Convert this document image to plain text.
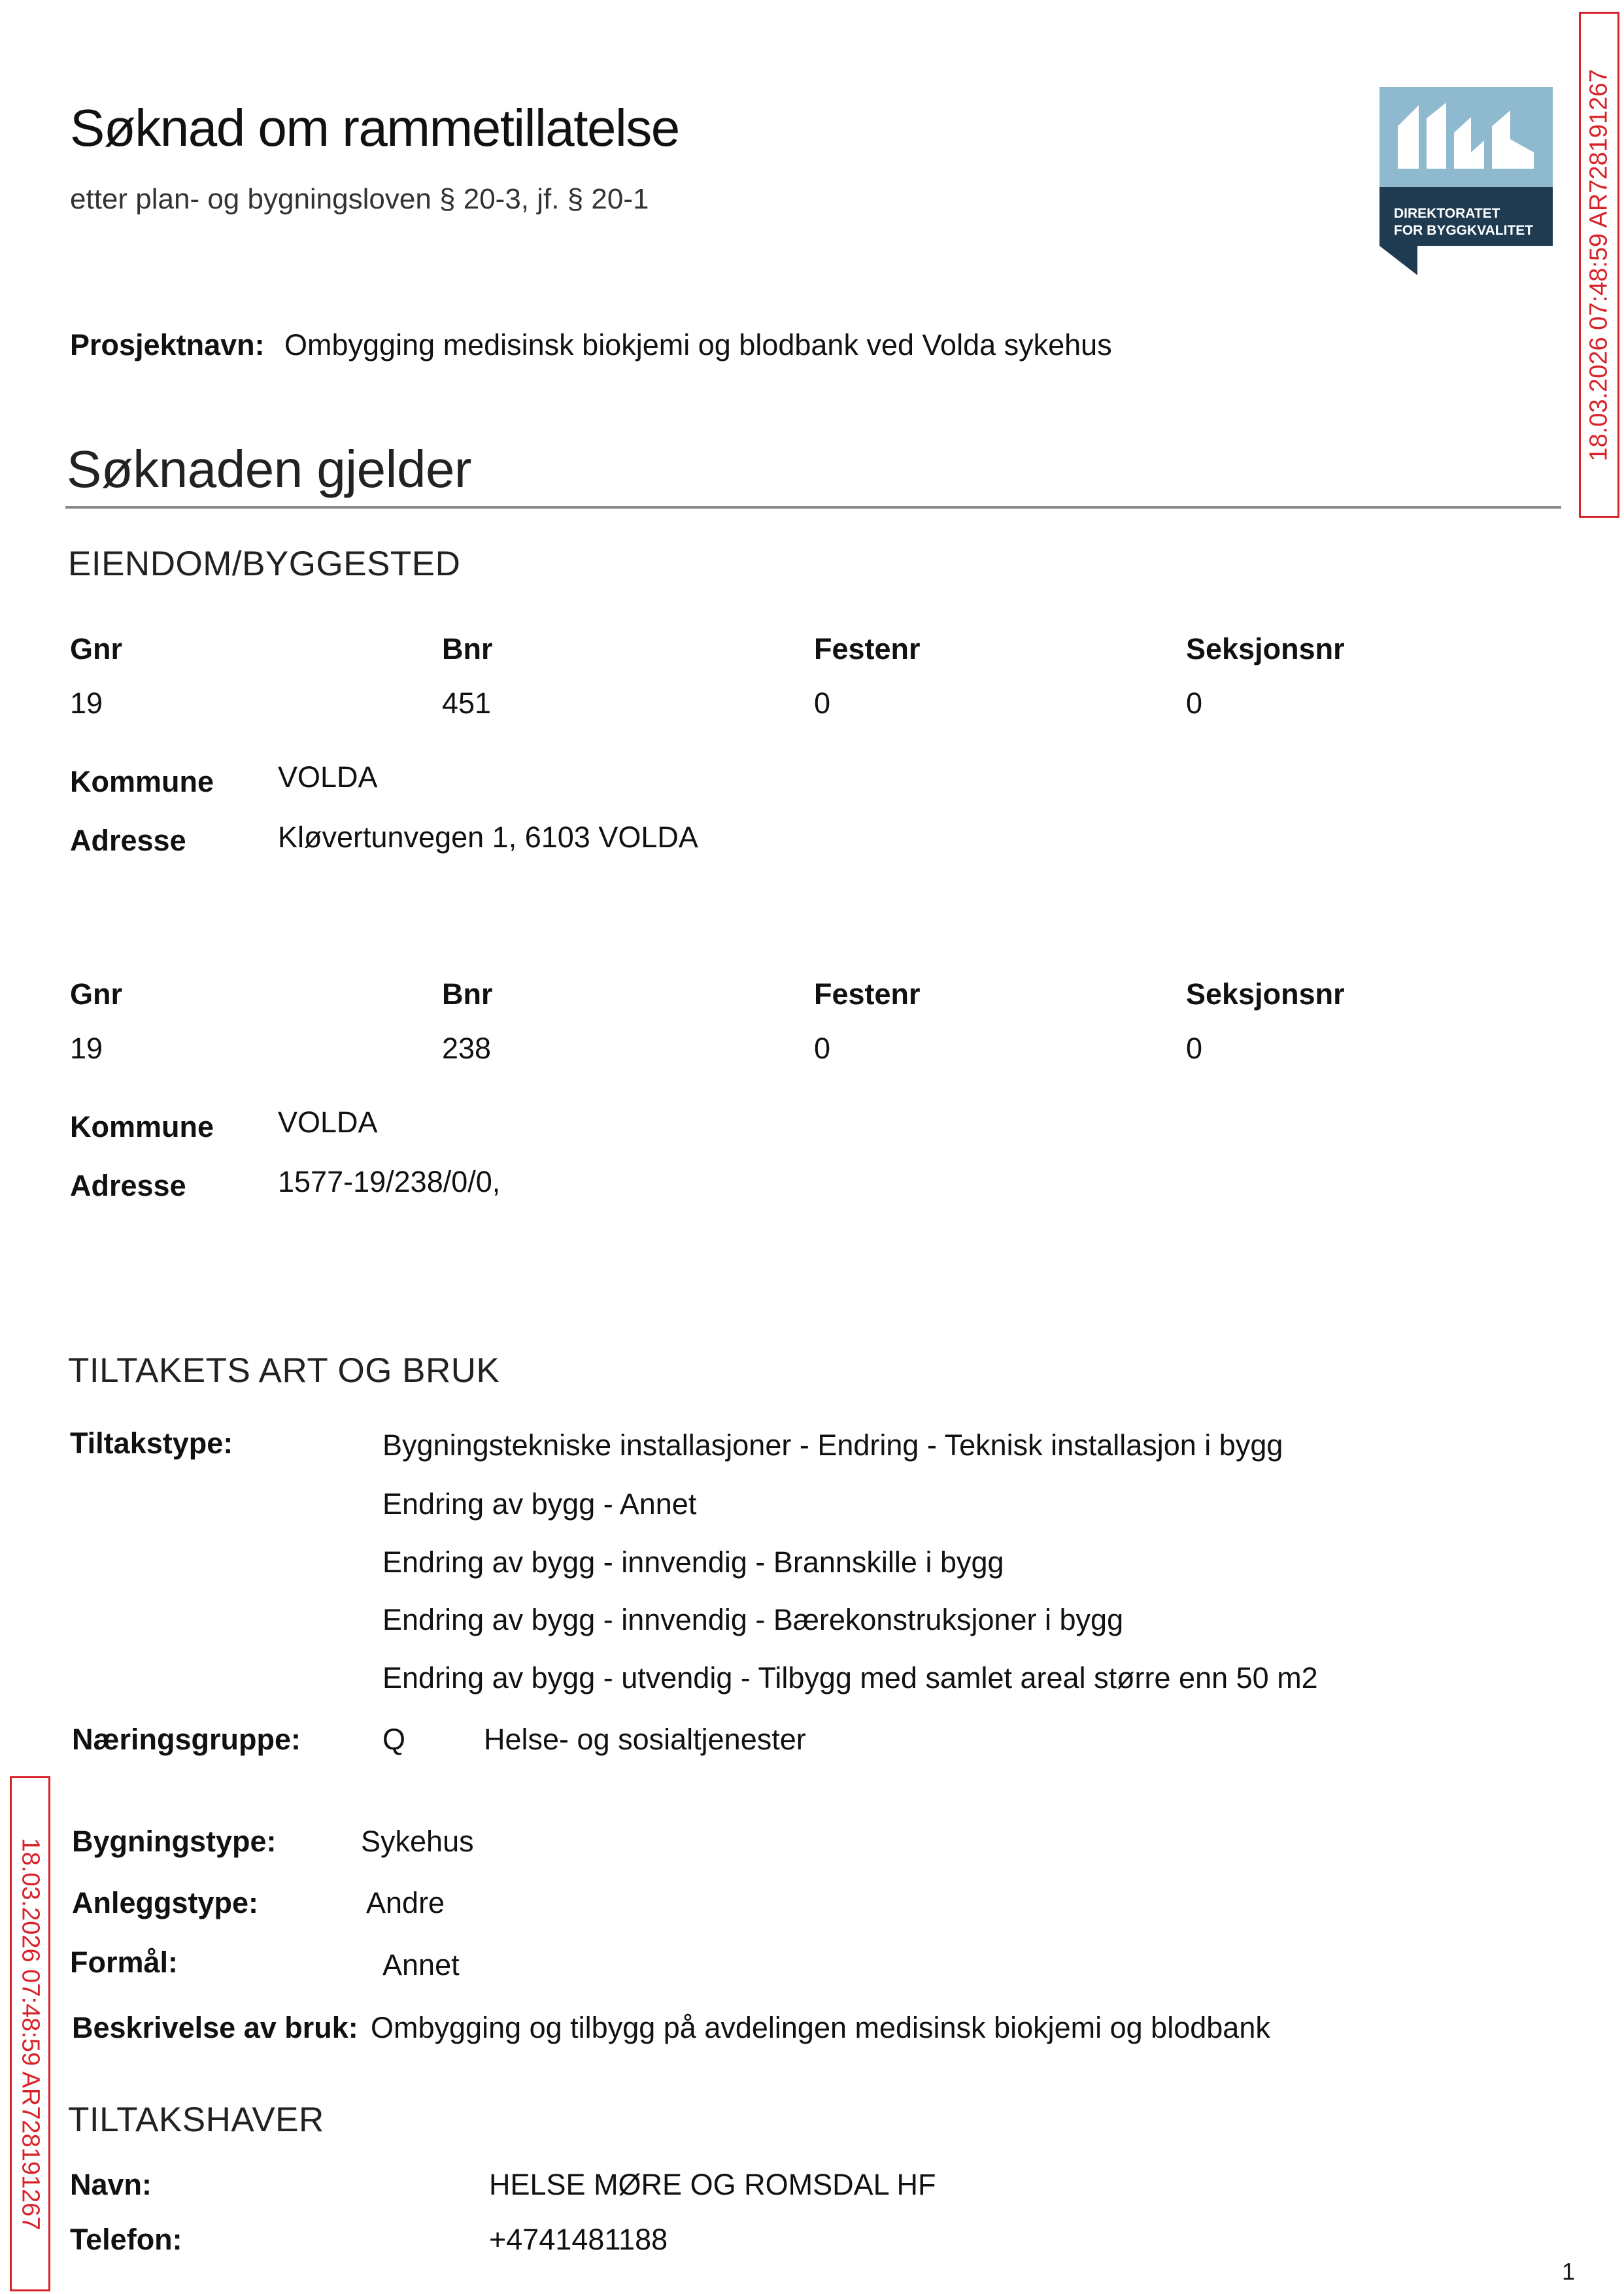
Søknad om rammetillatelse
etter plan- og bygningsloven § 20-3, jf. § 20-1	DIREKTORATET
FOR BYGGKVALITET 18.03.2026 07:48:59 AR728191267
18.03.2026 07:48:59 AR728191267
Prosjektnavn: Ombygging medisinsk biokjemi og blodbank ved Volda sykehus
Søknaden gjelder
EIENDOM/BYGGESTED
Gnr	Bnr	Festenr	Seksjonsnr
19	451	0	0
Kommune VOLDA
Adresse	Kløvertunvegen 1, 6103 VOLDA
Gnr	Bnr	Festenr	Seksjonsnr
19	238	0	0
Kommune VOLDA
Adresse	1577-19/238/0/0,
TILTAKETS ART OG BRUK
Tiltakstype:	Bygningstekniske installasjoner - Endring - Teknisk installasjon i bygg
Endring av bygg - Annet
Endring av bygg - innvendig - Brannskille i bygg
Endring av bygg - innvendig - Bærekonstruksjoner i bygg
Endring av bygg - utvendig - Tilbygg med samlet areal større enn 50 m2
Næringsgruppe:	Q	Helse- og sosialtjenester
Bygningstype:	Sykehus
Anleggstype:	Andre
Formål:	Annet
Beskrivelse av bruk: Ombygging og tilbygg på avdelingen medisinsk biokjemi og blodbank
TILTAKSHAVER
Navn:	HELSE MØRE OG ROMSDAL HF
Telefon:	+4741481188
1
